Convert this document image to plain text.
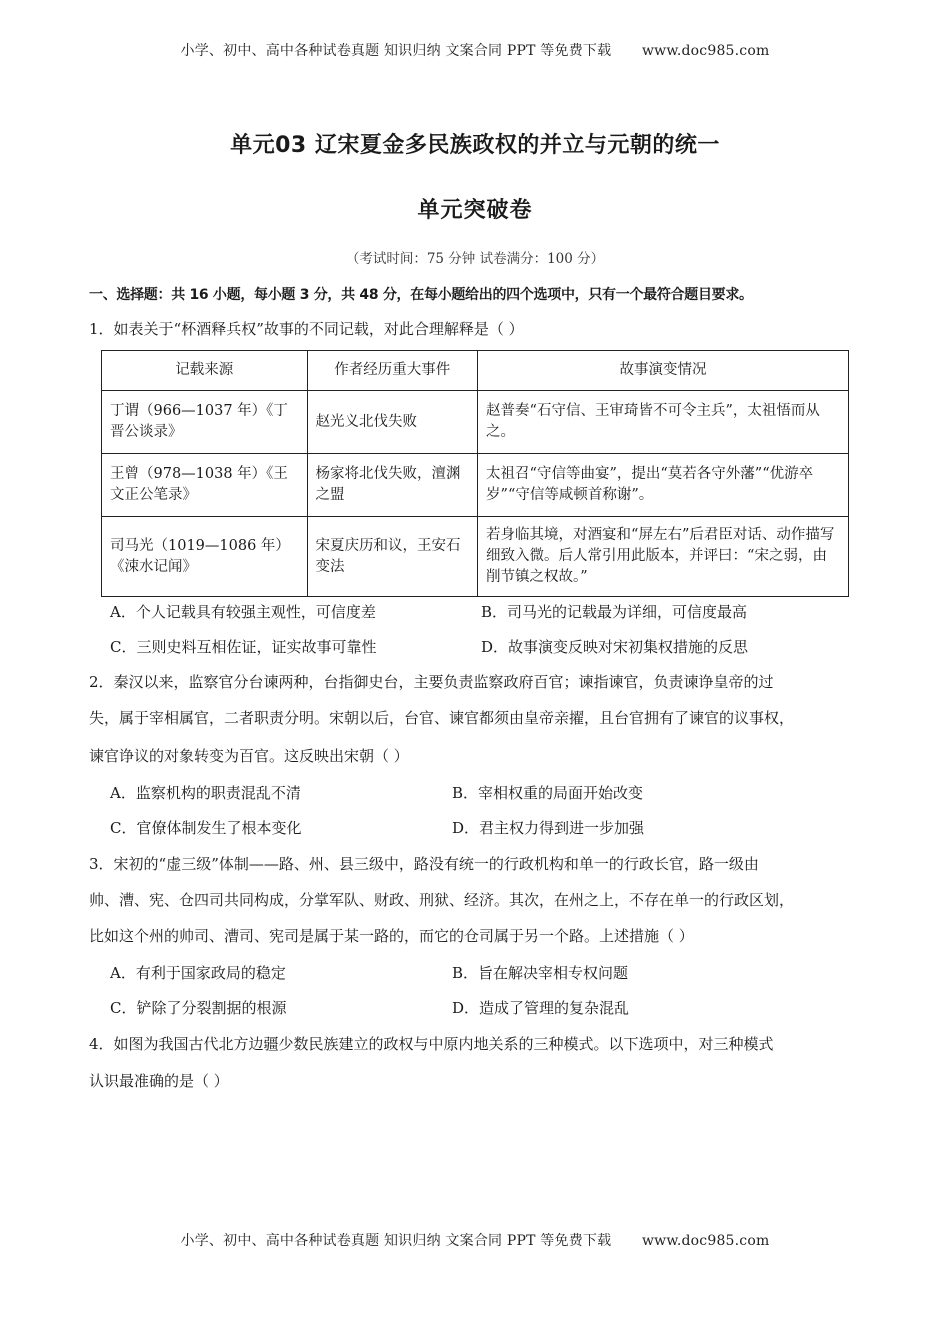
小学、初中、高中各种试卷真题 知识归纳 文案合同 PPT 等免费下载 www.doc985.com
单元03 辽宋夏金多民族政权的并立与元朝的统一
单元突破卷
（考试时间：75 分钟 试卷满分：100 分）
一、选择题：共 16 小题，每小题 3 分，共 48 分，在每小题给出的四个选项中，只有一个最符合题目要求。
1．如表关于“杯酒释兵权”故事的不同记载，对此合理解释是（ ）
记载来源	作者经历重大事件	故事演变情况
丁谓（966—1037 年）《丁晋公谈录》	赵光义北伐失败	赵普奏“石守信、王审琦皆不可令主兵”，太祖悟而从之。
王曾（978—1038 年）《王文正公笔录》	杨家将北伐失败，澶渊之盟	太祖召“守信等曲宴”，提出“莫若各守外藩”“优游卒岁”“守信等咸顿首称谢”。
司马光（1019—1086 年）《涑水记闻》	宋夏庆历和议，王安石变法	若身临其境，对酒宴和“屏左右”后君臣对话、动作描写细致入微。后人常引用此版本，并评曰：“宋之弱，由削节镇之权故。”
A．个人记载具有较强主观性，可信度差	B．司马光的记载最为详细，可信度最高
C．三则史料互相佐证，证实故事可靠性	D．故事演变反映对宋初集权措施的反思
2．秦汉以来，监察官分台谏两种，台指御史台，主要负责监察政府百官；谏指谏官，负责谏诤皇帝的过
失，属于宰相属官，二者职责分明。宋朝以后，台官、谏官都须由皇帝亲擢，且台官拥有了谏官的议事权，
谏官诤议的对象转变为百官。这反映出宋朝（ ）
A．监察机构的职责混乱不清	B．宰相权重的局面开始改变
C．官僚体制发生了根本变化	D．君主权力得到进一步加强
3．宋初的“虚三级”体制——路、州、县三级中，路没有统一的行政机构和单一的行政长官，路一级由
帅、漕、宪、仓四司共同构成，分掌军队、财政、刑狱、经济。其次，在州之上，不存在单一的行政区划，
比如这个州的帅司、漕司、宪司是属于某一路的，而它的仓司属于另一个路。上述措施（ ）
A．有利于国家政局的稳定	B．旨在解决宰相专权问题
C．铲除了分裂割据的根源	D．造成了管理的复杂混乱
4．如图为我国古代北方边疆少数民族建立的政权与中原内地关系的三种模式。以下选项中，对三种模式
认识最准确的是（ ）
小学、初中、高中各种试卷真题 知识归纳 文案合同 PPT 等免费下载 www.doc985.com
